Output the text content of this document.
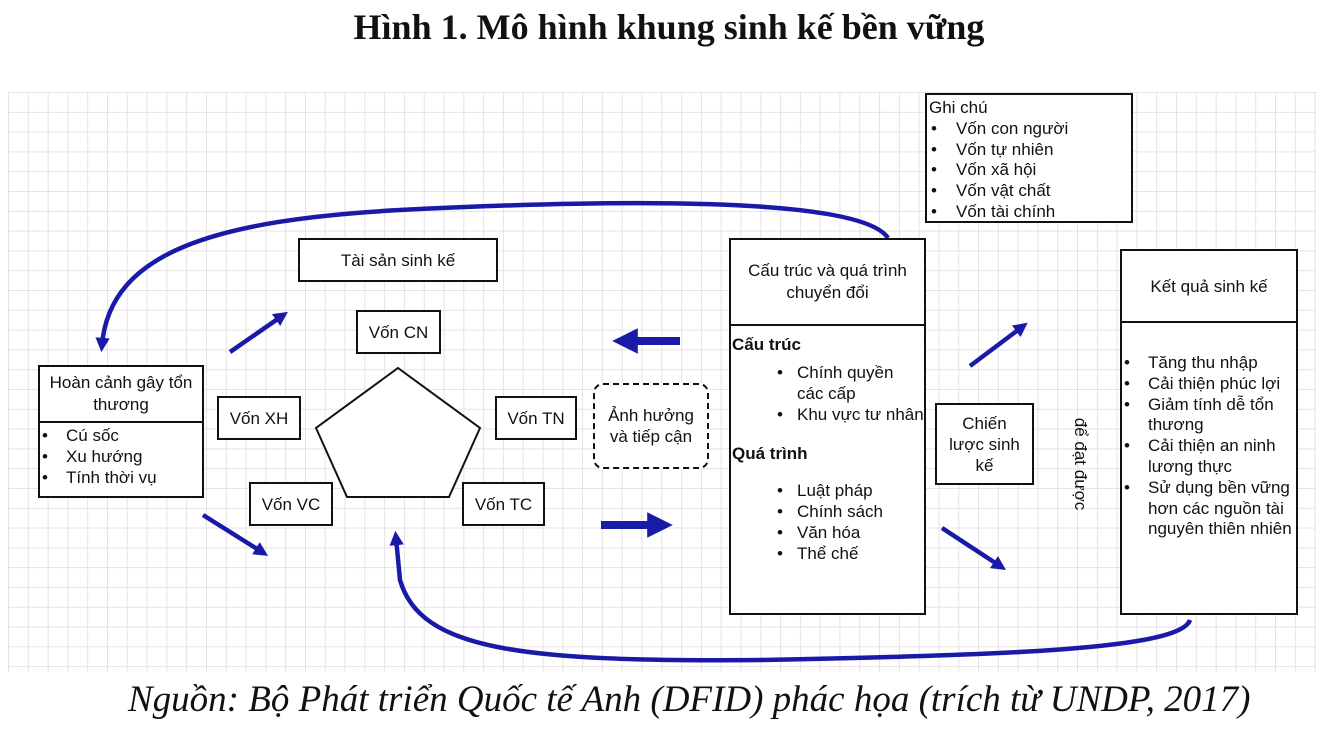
Hình 1. Mô hình khung sinh kế bền vững
Ghi chú
• Vốn con người
• Vốn tự nhiên
• Vốn xã hội
• Vốn vật chất
• Vốn tài chính
Hoàn cảnh gây tổn thương
• Cú sốc
• Xu hướng
• Tính thời vụ
Tài sản sinh kế
Vốn CN
Vốn XH	Vốn TN
Vốn VC	Vốn TC
Ảnh hưởng và tiếp cận
Cấu trúc và quá trình chuyển đổi
Cấu trúc
• Chính quyền các cấp
• Khu vực tư nhân
Quá trình
• Luật pháp
• Chính sách
• Văn hóa
• Thể chế
Chiến lược sinh kế	để đạt được
Kết quả sinh kế
• Tăng thu nhập
• Cải thiện phúc lợi
• Giảm tính dễ tổn thương
• Cải thiện an ninh lương thực
• Sử dụng bền vững hơn các nguồn tài nguyên thiên nhiên
Nguồn: Bộ Phát triển Quốc tế Anh (DFID) phác họa (trích từ UNDP, 2017)
